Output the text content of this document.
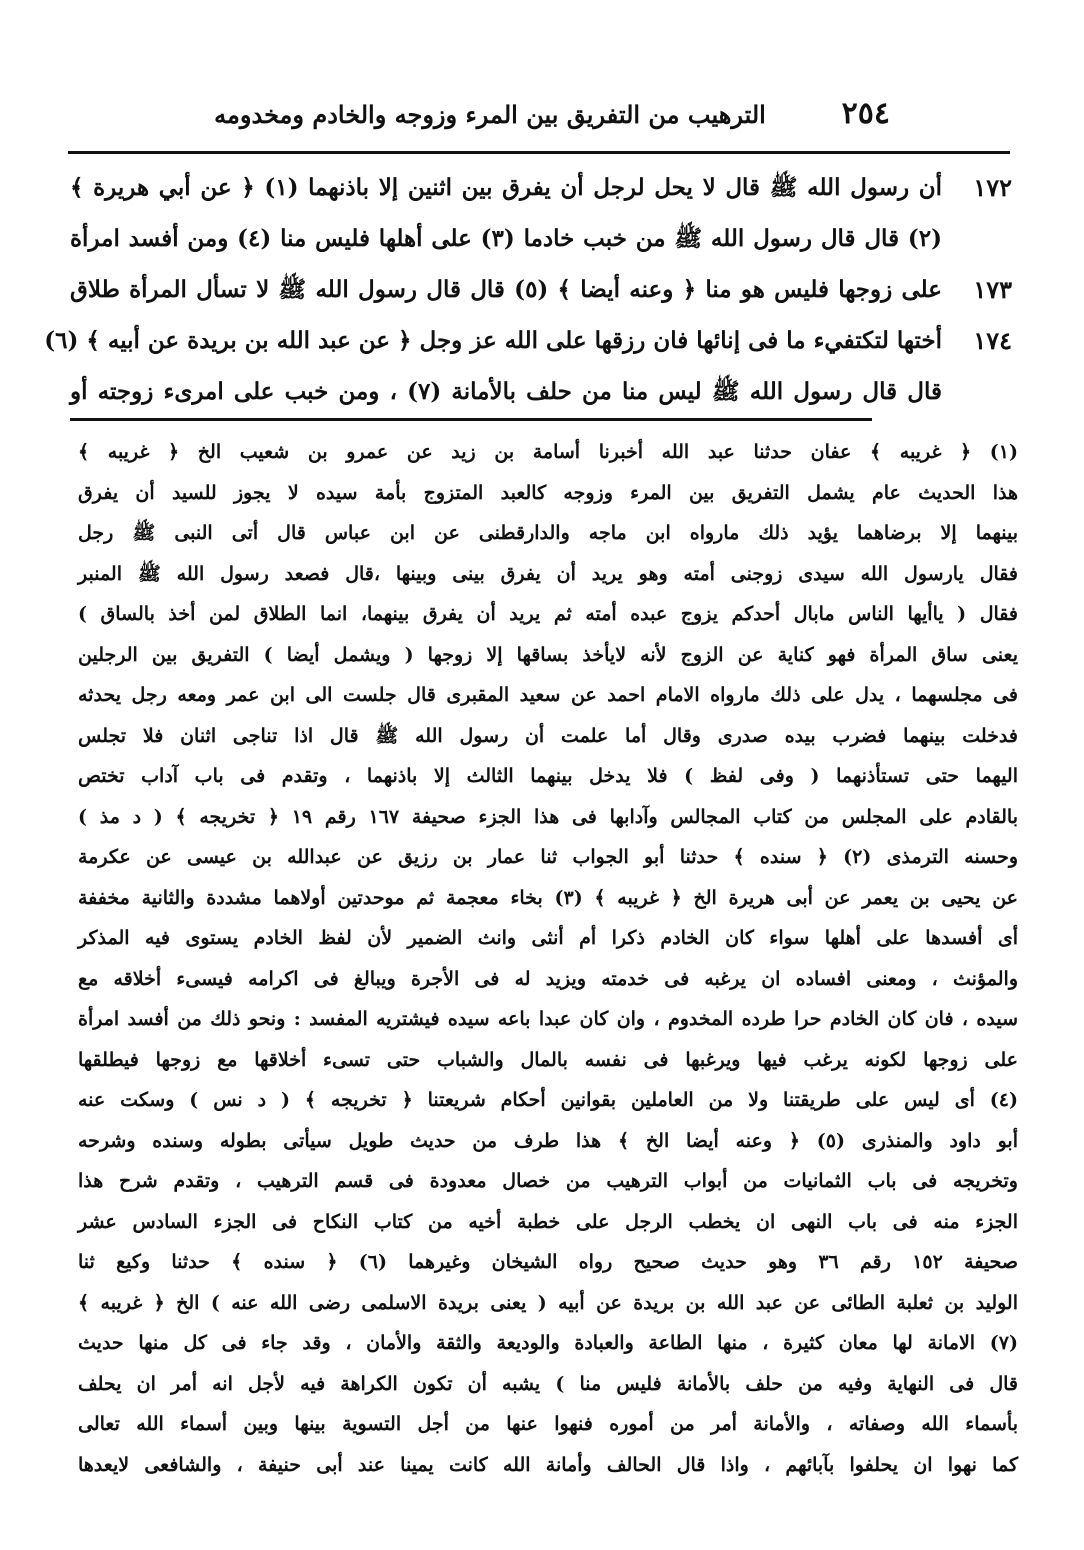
٢٥٤
الترهيب من التفريق بين المرء وزوجه والخادم ومخدومه
١٧٢
أن رسول الله ﷺ قال لا يحل لرجل أن يفرق بين اثنين إلا باذنهما (١) ﴿ عن أبي هريرة ﴾
(٢) قال قال رسول الله ﷺ من خبب خادما (٣) على أهلها فليس منا (٤) ومن أفسد امرأة
١٧٣
على زوجها فليس هو منا ﴿ وعنه أيضا ﴾ (٥) قال قال رسول الله ﷺ لا تسأل المرأة طلاق
١٧٤
أختها لتكتفيء ما فى إنائها فان رزقها على الله عز وجل ﴿ عن عبد الله بن بريدة عن أبيه ﴾ (٦)
قال قال رسول الله ﷺ ليس منا من حلف بالأمانة (٧) ، ومن خبب على امرىء زوجته أو
(١) ﴿ غريبه ﴾ عفان حدثنا عبد الله أخبرنا أسامة بن زيد عن عمرو بن شعيب الخ ﴿ غريبه ﴾
هذا الحديث عام يشمل التفريق بين المرء وزوجه كالعبد المتزوج بأمة سيده لا يجوز للسيد أن يفرق
بينهما إلا برضاهما يؤيد ذلك مارواه ابن ماجه والدارقطنى عن ابن عباس قال أتى النبى ﷺ رجل
فقال يارسول الله سيدى زوجنى أمته وهو يريد أن يفرق بينى وبينها ،قال فصعد رسول الله ﷺ المنبر
فقال ( ياأيها الناس مابال أحدكم يزوج عبده أمته ثم يريد أن يفرق بينهما، انما الطلاق لمن أخذ بالساق )
يعنى ساق المرأة فهو كناية عن الزوج لأنه لايأخذ بساقها إلا زوجها ( ويشمل أيضا ) التفريق بين الرجلين
فى مجلسهما ، يدل على ذلك مارواه الامام احمد عن سعيد المقبرى قال جلست الى ابن عمر ومعه رجل يحدثه
فدخلت بينهما فضرب بيده صدرى وقال أما علمت أن رسول الله ﷺ قال اذا تناجى اثنان فلا تجلس
اليهما حتى تستأذنهما ( وفى لفظ ) فلا يدخل بينهما الثالث إلا باذنهما ، وتقدم فى باب آداب تختص
بالقادم على المجلس من كتاب المجالس وآدابها فى هذا الجزء صحيفة ١٦٧ رقم ١٩ ﴿ تخريجه ﴾ ( د مذ )
وحسنه الترمذى (٢) ﴿ سنده ﴾ حدثنا أبو الجواب ثنا عمار بن رزيق عن عبدالله بن عيسى عن عكرمة
عن يحيى بن يعمر عن أبى هريرة الخ ﴿ غريبه ﴾ (٣) بخاء معجمة ثم موحدتين أولاهما مشددة والثانية مخففة
أى أفسدها على أهلها سواء كان الخادم ذكرا أم أنثى وانث الضمير لأن لفظ الخادم يستوى فيه المذكر
والمؤنث ، ومعنى افساده ان يرغبه فى خدمته ويزيد له فى الأجرة ويبالغ فى اكرامه فيسىء أخلاقه مع
سيده ، فان كان الخادم حرا طرده المخدوم ، وان كان عبدا باعه سيده فيشتريه المفسد : ونحو ذلك من أفسد امرأة
على زوجها لكونه يرغب فيها ويرغبها فى نفسه بالمال والشباب حتى تسىء أخلاقها مع زوجها فيطلقها
(٤) أى ليس على طريقتنا ولا من العاملين بقوانين أحكام شريعتنا ﴿ تخريجه ﴾ ( د نس ) وسكت عنه
أبو داود والمنذرى (٥) ﴿ وعنه أيضا الخ ﴾ هذا طرف من حديث طويل سيأتى بطوله وسنده وشرحه
وتخريجه فى باب الثمانيات من أبواب الترهيب من خصال معدودة فى قسم الترهيب ، وتقدم شرح هذا
الجزء منه فى باب النهى ان يخطب الرجل على خطبة أخيه من كتاب النكاح فى الجزء السادس عشر
صحيفة ١٥٢ رقم ٣٦ وهو حديث صحيح رواه الشيخان وغيرهما (٦) ﴿ سنده ﴾ حدثنا وكيع ثنا
الوليد بن ثعلبة الطائى عن عبد الله بن بريدة عن أبيه ( يعنى بريدة الاسلمى رضى الله عنه ) الخ ﴿ غريبه ﴾
(٧) الامانة لها معان كثيرة ، منها الطاعة والعبادة والوديعة والثقة والأمان ، وقد جاء فى كل منها حديث
قال فى النهاية وفيه من حلف بالأمانة فليس منا ) يشبه أن تكون الكراهة فيه لأجل انه أمر ان يحلف
بأسماء الله وصفاته ، والأمانة أمر من أموره فنهوا عنها من أجل التسوية بينها وبين أسماء الله تعالى
كما نهوا ان يحلفوا بآبائهم ، واذا قال الحالف وأمانة الله كانت يمينا عند أبى حنيفة ، والشافعى لايعدها
